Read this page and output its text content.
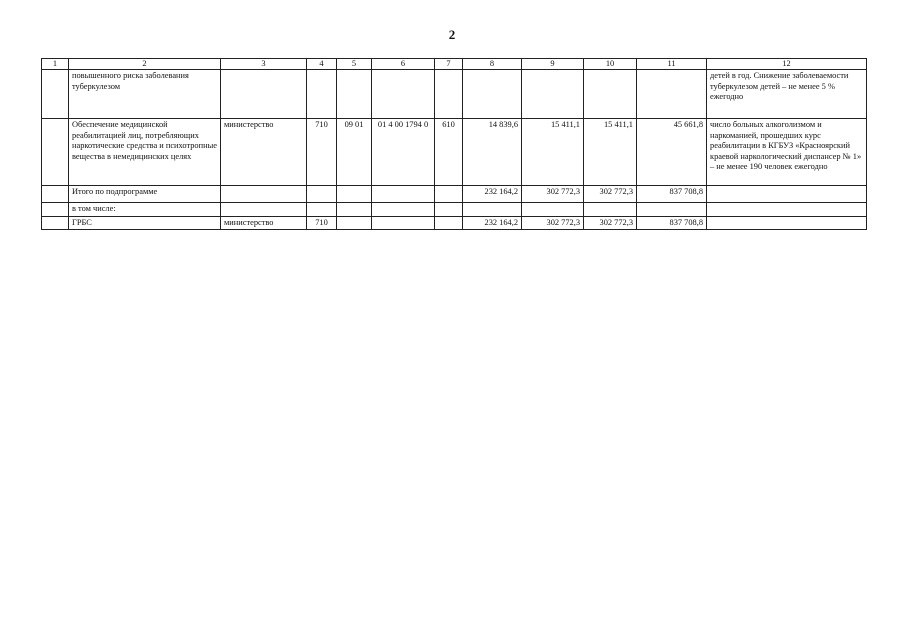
2
1	2	3	4	5	6	7	8	9	10	11	12
	повышенного риска заболевания туберкулезом										детей в год. Снижение заболеваемости туберкулезом детей – не менее 5 % ежегодно
	Обеспечение медицинской реабилитацией лиц, потребляющих наркотические средства и психотропные вещества в немедицинских целях	министерство	710	09 01	01 4 00 1794 0	610	14 839,6	15 411,1	15 411,1	45 661,8	число больных алкоголизмом и наркоманией, прошедших курс реабилитации в КГБУЗ «Красноярский краевой наркологический диспансер № 1» – не менее 190 человек ежегодно
	Итого по подпрограмме						232 164,2	302 772,3	302 772,3	837 708,8	
	в том числе:										
	ГРБС	министерство	710				232 164,2	302 772,3	302 772,3	837 708,8	
